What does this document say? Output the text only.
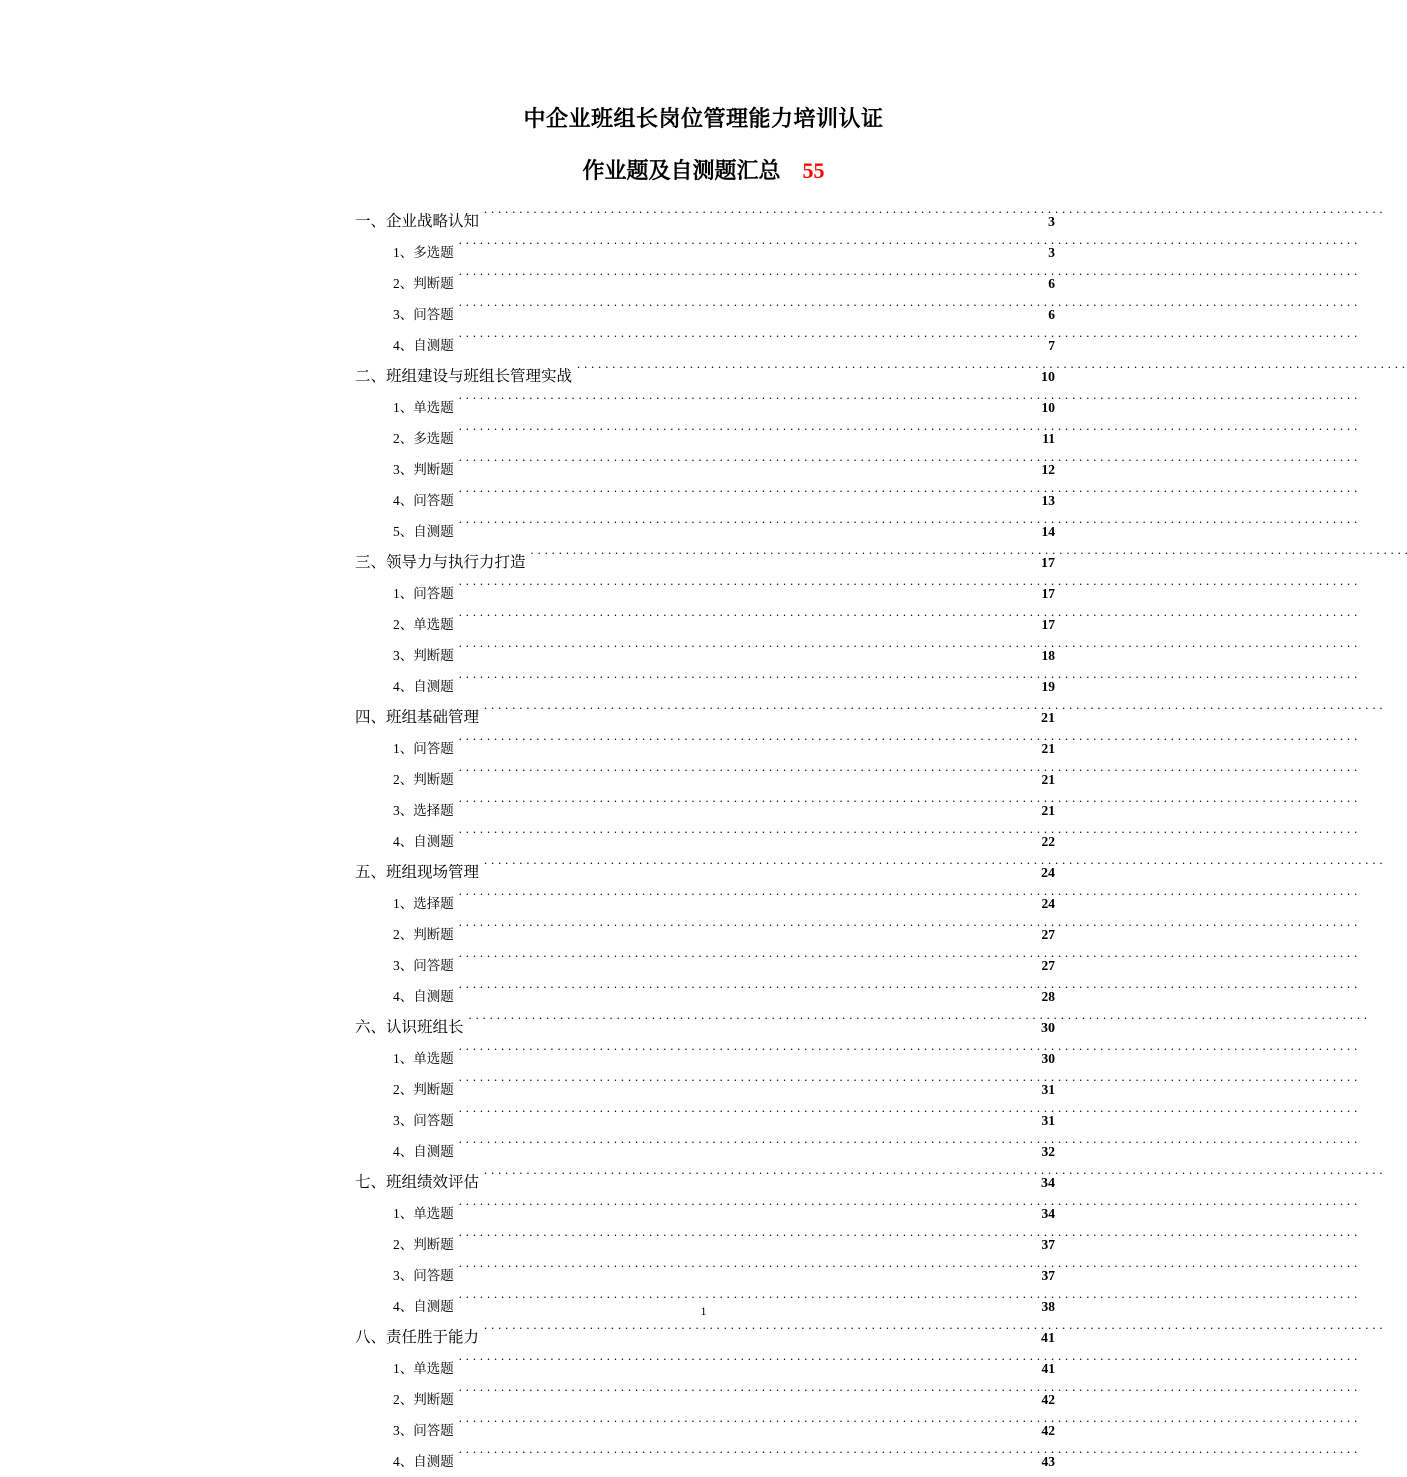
中企业班组长岗位管理能力培训认证
作业题及自测题汇总 55
一、企业战略认知 . . .	3
1、多选题 . . .	3
2、判断题 . . .	6
3、问答题 . . .	6
4、自测题 . . .	7
二、班组建设与班组长管理实战 . . .	10
1、单选题 . . .	10
2、多选题 . . .	11
3、判断题 . . .	12
4、问答题 . . .	13
5、自测题 . . .	14
三、领导力与执行力打造 . . .	17
1、问答题 . . .	17
2、单选题 . . .	17
3、判断题 . . .	18
4、自测题 . . .	19
四、班组基础管理 . . .	21
1、问答题 . . .	21
2、判断题 . . .	21
3、选择题 . . .	21
4、自测题 . . .	22
五、班组现场管理 . . .	24
1、选择题 . . .	24
2、判断题 . . .	27
3、问答题 . . .	27
4、自测题 . . .	28
六、认识班组长 . . .	30
1、单选题 . . .	30
2、判断题 . . .	31
3、问答题 . . .	31
4、自测题 . . .	32
七、班组绩效评估 . . .	34
1、单选题 . . .	34
2、判断题 . . .	37
3、问答题 . . .	37
4、自测题 . . .	38
八、责任胜于能力 . . .	41
1、单选题 . . .	41
2、判断题 . . .	42
3、问答题 . . .	42
4、自测题 . . .	43
1
